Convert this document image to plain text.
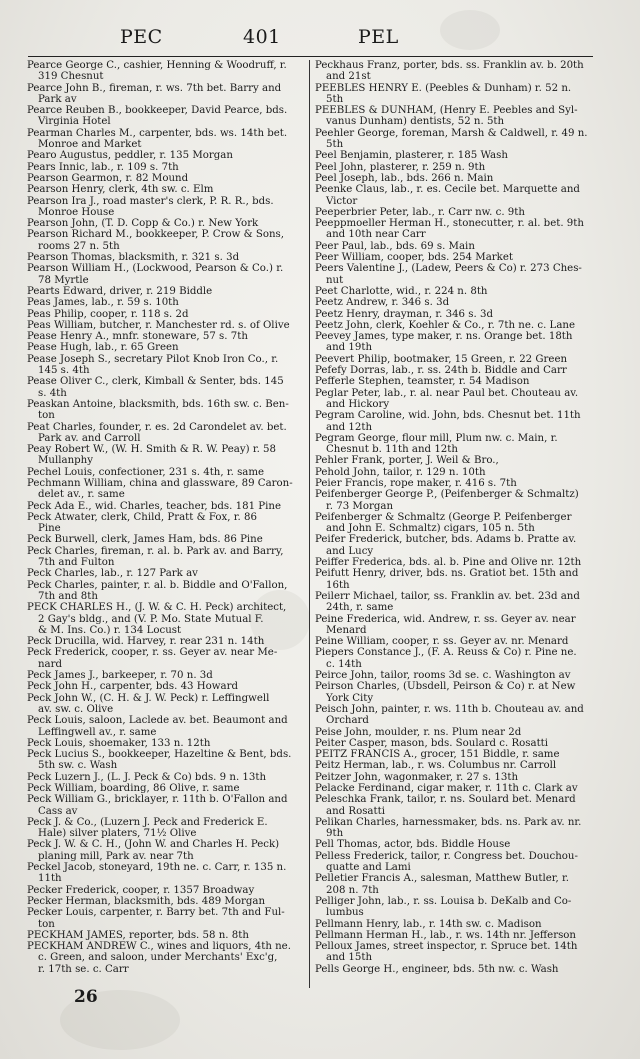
PEC	401	PEL

Pearce George C., cashier, Henning & Woodruff, r.
319 Chesnut

Pearce John B., fireman, r. ws. 7th bet. Barry and
Park av

Pearce Reuben B., bookkeeper, David Pearce, bds.
Virginia Hotel

Pearman Charles M., carpenter, bds. ws. 14th bet.
Monroe and Market

Pearo Augustus, peddler, r. 135 Morgan

Pears Innic, lab., r. 109 s. 7th

Pearson Gearmon, r. 82 Mound

Pearson Henry, clerk, 4th sw. c. Elm

Pearson Ira J., road master's clerk, P. R. R., bds.
Monroe House

Pearson John, (T. D. Copp & Co.) r. New York

Pearson Richard M., bookkeeper, P. Crow & Sons,
rooms 27 n. 5th

Pearson Thomas, blacksmith, r. 321 s. 3d

Pearson William H., (Lockwood, Pearson & Co.) r.
78 Myrtle

Pearts Edward, driver, r. 219 Biddle

Peas James, lab., r. 59 s. 10th

Peas Philip, cooper, r. 118 s. 2d

Peas William, butcher, r. Manchester rd. s. of Olive

Pease Henry A., mnfr. stoneware, 57 s. 7th

Pease Hugh, lab., r. 65 Green

Pease Joseph S., secretary Pilot Knob Iron Co., r.
145 s. 4th

Pease Oliver C., clerk, Kimball & Senter, bds. 145
s. 4th

Peaskan Antoine, blacksmith, bds. 16th sw. c. Ben-
ton

Peat Charles, founder, r. es. 2d Carondelet av. bet.
Park av. and Carroll

Peay Robert W., (W. H. Smith & R. W. Peay) r. 58
Mullanphy

Pechel Louis, confectioner, 231 s. 4th, r. same

Pechmann William, china and glassware, 89 Caron-
delet av., r. same

Peck Ada E., wid. Charles, teacher, bds. 181 Pine

Peck Atwater, clerk, Child, Pratt & Fox, r. 86
Pine

Peck Burwell, clerk, James Ham, bds. 86 Pine

Peck Charles, fireman, r. al. b. Park av. and Barry,
7th and Fulton

Peck Charles, lab., r. 127 Park av

Peck Charles, painter, r. al. b. Biddle and O'Fallon,
7th and 8th

PECK CHARLES H., (J. W. & C. H. Peck) architect,
2 Gay's bldg., and (V. P. Mo. State Mutual F.
& M. Ins. Co.) r. 134 Locust

Peck Drucilla, wid. Harvey, r. rear 231 n. 14th

Peck Frederick, cooper, r. ss. Geyer av. near Me-
nard

Peck James J., barkeeper, r. 70 n. 3d

Peck John H., carpenter, bds. 43 Howard

Peck John W., (C. H. & J. W. Peck) r. Leffingwell
av. sw. c. Olive

Peck Louis, saloon, Laclede av. bet. Beaumont and
Leffingwell av., r. same

Peck Louis, shoemaker, 133 n. 12th

Peck Lucius S., bookkeeper, Hazeltine & Bent, bds.
5th sw. c. Wash

Peck Luzern J., (L. J. Peck & Co) bds. 9 n. 13th

Peck William, boarding, 86 Olive, r. same

Peck William G., bricklayer, r. 11th b. O'Fallon and
Cass av

Peck J. & Co., (Luzern J. Peck and Frederick E.
Hale) silver platers, 71½ Olive

Peck J. W. & C. H., (John W. and Charles H. Peck)
planing mill, Park av. near 7th

Peckel Jacob, stoneyard, 19th ne. c. Carr, r. 135 n.
11th

Pecker Frederick, cooper, r. 1357 Broadway

Pecker Herman, blacksmith, bds. 489 Morgan

Pecker Louis, carpenter, r. Barry bet. 7th and Ful-
ton

PECKHAM JAMES, reporter, bds. 58 n. 8th

PECKHAM ANDREW C., wines and liquors, 4th ne.
c. Green, and saloon, under Merchants' Exc'g,
r. 17th se. c. Carr

Peckhaus Franz, porter, bds. ss. Franklin av. b. 20th
and 21st

PEEBLES HENRY E. (Peebles & Dunham) r. 52 n.
5th

PEEBLES & DUNHAM, (Henry E. Peebles and Syl-
vanus Dunham) dentists, 52 n. 5th

Peehler George, foreman, Marsh & Caldwell, r. 49 n.
5th

Peel Benjamin, plasterer, r. 185 Wash

Peel John, plasterer, r. 259 n. 9th

Peel Joseph, lab., bds. 266 n. Main

Peenke Claus, lab., r. es. Cecile bet. Marquette and
Victor

Peeperbrier Peter, lab., r. Carr nw. c. 9th

Peeppmoeller Herman H., stonecutter, r. al. bet. 9th
and 10th near Carr

Peer Paul, lab., bds. 69 s. Main

Peer William, cooper, bds. 254 Market

Peers Valentine J., (Ladew, Peers & Co) r. 273 Ches-
nut

Peet Charlotte, wid., r. 224 n. 8th

Peetz Andrew, r. 346 s. 3d

Peetz Henry, drayman, r. 346 s. 3d

Peetz John, clerk, Koehler & Co., r. 7th ne. c. Lane

Peevey James, type maker, r. ns. Orange bet. 18th
and 19th

Peevert Philip, bootmaker, 15 Green, r. 22 Green

Pefefy Dorras, lab., r. ss. 24th b. Biddle and Carr

Pefferle Stephen, teamster, r. 54 Madison

Peglar Peter, lab., r. al. near Paul bet. Chouteau av.
and Hickory

Pegram Caroline, wid. John, bds. Chesnut bet. 11th
and 12th

Pegram George, flour mill, Plum nw. c. Main, r.
Chesnut b. 11th and 12th

Pehler Frank, porter, J. Weil & Bro.,

Pehold John, tailor, r. 129 n. 10th

Peier Francis, rope maker, r. 416 s. 7th

Peifenberger George P., (Peifenberger & Schmaltz)
r. 73 Morgan

Peifenberger & Schmaltz (George P. Peifenberger
and John E. Schmaltz) cigars, 105 n. 5th

Peifer Frederick, butcher, bds. Adams b. Pratte av.
and Lucy

Peiffer Frederica, bds. al. b. Pine and Olive nr. 12th

Peifutt Henry, driver, bds. ns. Gratiot bet. 15th and
16th

Peilerr Michael, tailor, ss. Franklin av. bet. 23d and
24th, r. same

Peine Frederica, wid. Andrew, r. ss. Geyer av. near
Menard

Peine William, cooper, r. ss. Geyer av. nr. Menard

Piepers Constance J., (F. A. Reuss & Co) r. Pine ne.
c. 14th

Peirce John, tailor, rooms 3d se. c. Washington av

Peirson Charles, (Ubsdell, Peirson & Co) r. at New
York City

Peisch John, painter, r. ws. 11th b. Chouteau av. and
Orchard

Peise John, moulder, r. ns. Plum near 2d

Peiter Casper, mason, bds. Soulard c. Rosatti

PEITZ FRANCIS A., grocer, 151 Biddle, r. same

Peitz Herman, lab., r. ws. Columbus nr. Carroll

Peitzer John, wagonmaker, r. 27 s. 13th

Pelacke Ferdinand, cigar maker, r. 11th c. Clark av

Peleschka Frank, tailor, r. ns. Soulard bet. Menard
and Rosatti

Pelikan Charles, harnessmaker, bds. ns. Park av. nr.
9th

Pell Thomas, actor, bds. Biddle House

Pelless Frederick, tailor, r. Congress bet. Douchou-
quatte and Lami

Pelletier Francis A., salesman, Matthew Butler, r.
208 n. 7th

Pelliger John, lab., r. ss. Louisa b. DeKalb and Co-
lumbus

Pellmann Henry, lab., r. 14th sw. c. Madison

Pellmann Herman H., lab., r. ws. 14th nr. Jefferson

Pelloux James, street inspector, r. Spruce bet. 14th
and 15th

Pells George H., engineer, bds. 5th nw. c. Wash

26
